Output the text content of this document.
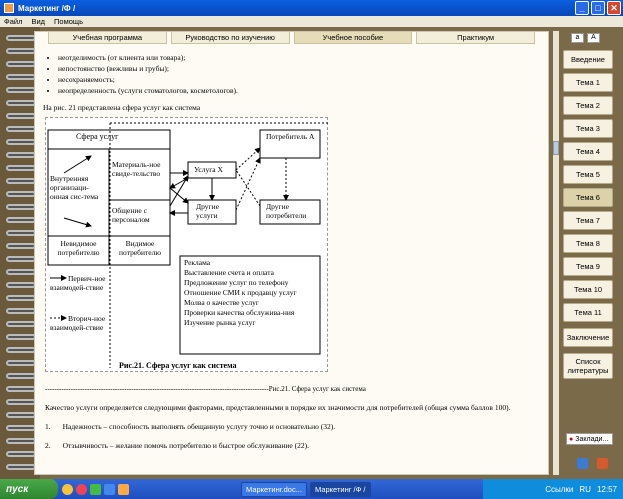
Маркетинг /Ф /	_	□	✕
Файл Вид Помощь
Учебная программа	Руководство по изучению	Учебное пособие	Практикум
• неотделимость (от клиента или товара);
• непостоянство (вежливы и грубы);
• несохраняемость;
• неопределенность (услуги стоматологов, косметологов).
На рис. 21 представлена сфера услуг как система
Сфера услуг
Внутренняя организаци-онная сис-тема
Материаль-ное свиде-тельство
Общение с персоналом
Невидимое потребителю
Видимое потребителю
Услуга Х
Другие услуги
Потребитель А
Другие потребители
Реклама
Выставление счета и оплата
Предложение услуг по телефону
Отношение СМИ к продавцу услуг
Молва о качестве услуг
Проверки качества обслужива-ния
Изучение рынка услуг
Первич-ное взаимодей-ствие
Вторич-ное взаимодей-ствие
Рис.21. Сфера услуг как система
------------------------------------------------------------------------------------------------Рис.21. Сфера услуг как система
Качество услуги определяется следующими факторами, представленными в порядке их значимости для потребителей (общая сумма баллов 100).
1. Надежность – способность выполнять обещанную услугу точно и основательно (32).
2. Отзывчивость – желание помочь потребителю и быстрое обслуживание (22).
a	A
Введение
Тема 1
Тема 2
Тема 3
Тема 4
Тема 5
Тема 6
Тема 7
Тема 8
Тема 9
Тема 10
Тема 11
Заключение
Список литературы
● Заклади...
пуск	Маркетинг.doc... Маркетинг /Ф /	Ссылки RU 12:57
